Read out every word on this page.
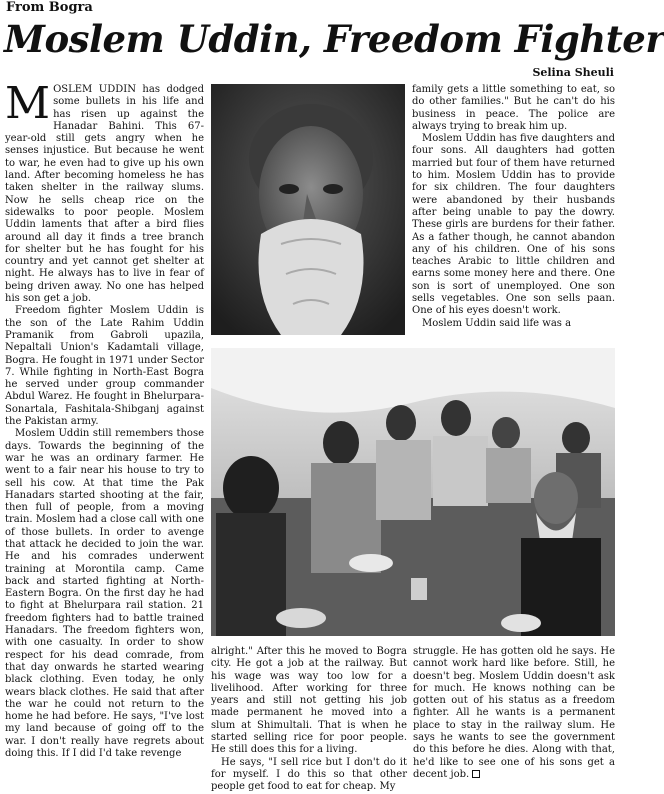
From Bogra
Moslem Uddin, Freedom Fighter
Selina Sheuli

MOSLEM UDDIN has dodged some bullets in his life and has risen up against the Hanadar Bahini. This 67-year-old still gets angry when he senses injustice. But because he went to war, he even had to give up his own land. After becoming homeless he has taken shelter in the railway slums. Now he sells cheap rice on the sidewalks to poor people. Moslem Uddin laments that after a bird flies around all day it finds a tree branch for shelter but he has fought for his country and yet cannot get shelter at night. He always has to live in fear of being driven away. No one has helped his son get a job.

Freedom fighter Moslem Uddin is the son of the Late Rahim Uddin Pramanik from Gabroli upazila, Nepaltali Union's Kadamtali village, Bogra. He fought in 1971 under Sector 7. While fighting in North-East Bogra he served under group commander Abdul Warez. He fought in Bhelurpara-Sonartala, Fashitala-Shibganj against the Pakistan army.

Moslem Uddin still remembers those days. Towards the beginning of the war he was an ordinary farmer. He went to a fair near his house to try to sell his cow. At that time the Pak Hanadars started shooting at the fair, then full of people, from a moving train. Moslem had a close call with one of those bullets. In order to avenge that attack he decided to join the war. He and his comrades underwent training at Morontila camp. Came back and started fighting at North-Eastern Bogra. On the first day he had to fight at Bhelurpara rail station. 21 freedom fighters had to battle trained Hanadars. The freedom fighters won, with one casualty. In order to show respect for his dead comrade, from that day onwards he started wearing black clothing. Even today, he only wears black clothes. He said that after the war he could not return to the home he had before. He says, "I've lost my land because of going off to the war. I don't really have regrets about doing this. If I did I'd take revenge

family gets a little something to eat, so do other families." But he can't do his business in peace. The police are always trying to break him up.

Moslem Uddin has five daughters and four sons. All daughters had gotten married but four of them have returned to him. Moslem Uddin has to provide for six children. The four daughters were abandoned by their husbands after being unable to pay the dowry. These girls are burdens for their father. As a father though, he cannot abandon any of his children. One of his sons teaches Arabic to little children and earns some money here and there. One son is sort of unemployed. One son sells vegetables. One son sells paan. One of his eyes doesn't work.

Moslem Uddin said life was a

alright." After this he moved to Bogra city. He got a job at the railway. But his wage was way too low for a livelihood. After working for three years and still not getting his job made permanent he moved into a slum at Shimultali. That is when he started selling rice for poor people. He still does this for a living.

He says, "I sell rice but I don't do it for myself. I do this so that other people get food to eat for cheap. My

struggle. He has gotten old he says. He cannot work hard like before. Still, he doesn't beg. Moslem Uddin doesn't ask for much. He knows nothing can be gotten out of his status as a freedom fighter. All he wants is a permanent place to stay in the railway slum. He says he wants to see the government do this before he dies. Along with that, he'd like to see one of his sons get a decent job.
